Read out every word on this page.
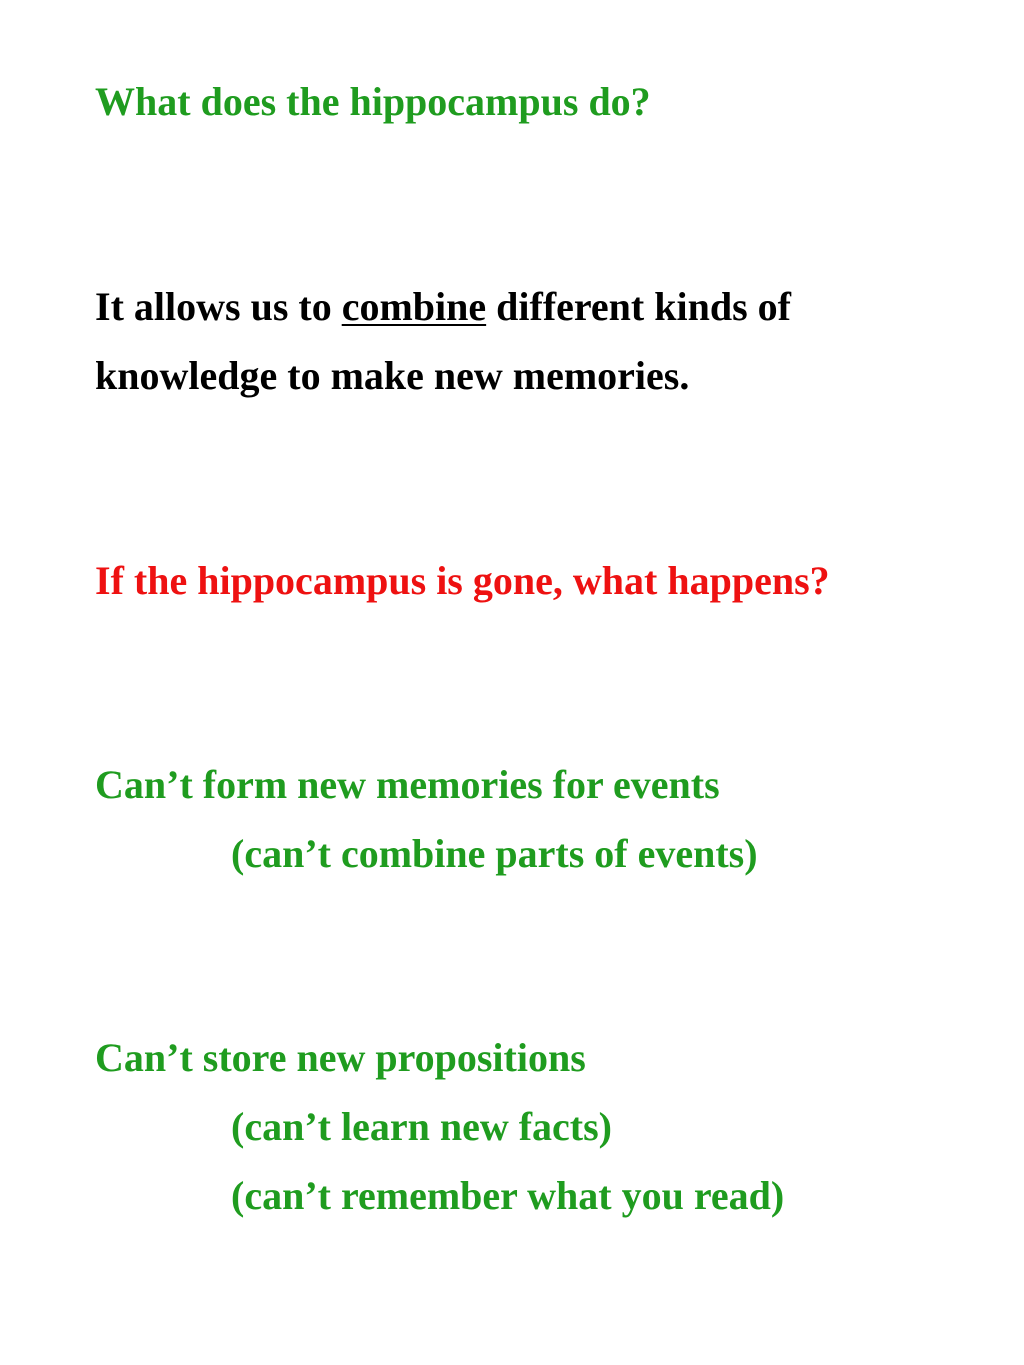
What does the hippocampus do?

It allows us to combine different kinds of

knowledge to make new memories.

If the hippocampus is gone, what happens?

Can’t form new memories for events

(can’t combine parts of events)

Can’t store new propositions

(can’t learn new facts)

(can’t remember what you read)
